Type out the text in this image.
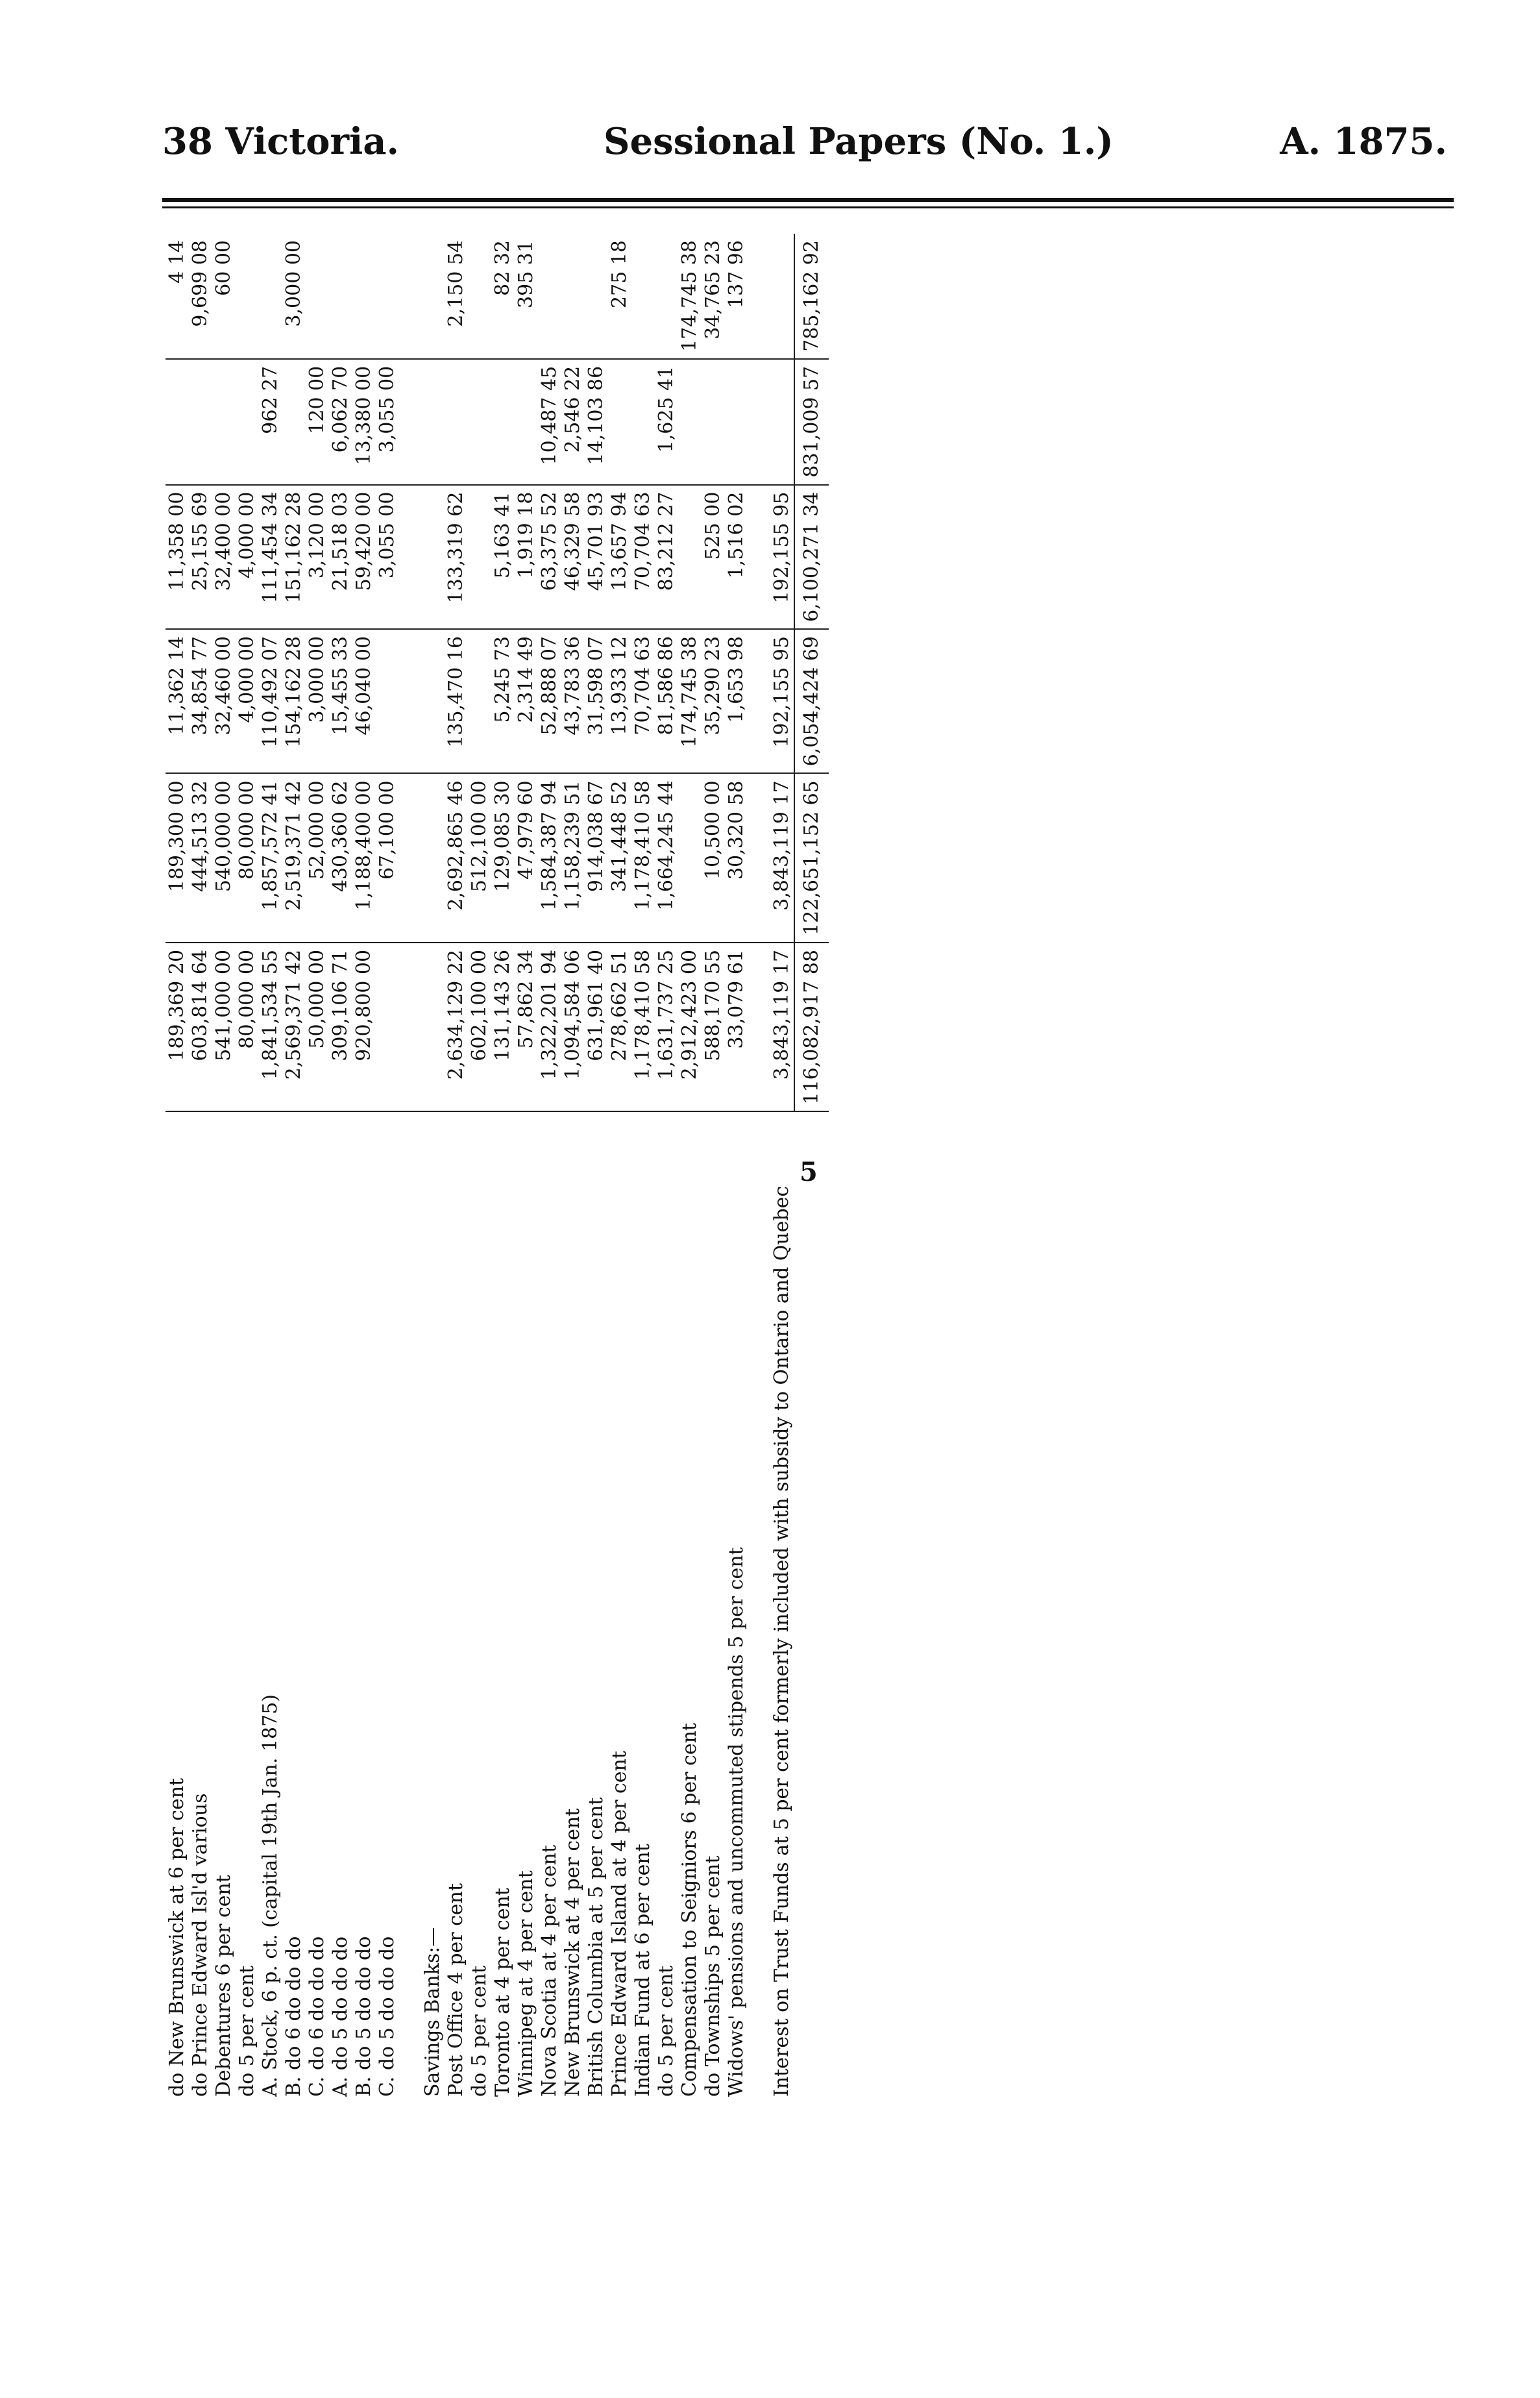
38 Victoria.	Sessional Papers (No. 1.)	A. 1875.
do New Brunswick at 6 per cent	189,369 20	189,300 00	11,362 14	11,358 00		4 14
do Prince Edward Isl'd various	603,814 64	444,513 32	34,854 77	25,155 69		9,699 08
Debentures 6 per cent	541,000 00	540,000 00	32,460 00	32,400 00		60 00
do 5 per cent	80,000 00	80,000 00	4,000 00	4,000 00		
A. Stock, 6 p. ct. (capital 19th Jan. 1875)	1,841,534 55	1,857,572 41	110,492 07	111,454 34	962 27	
B. do 6 do do do	2,569,371 42	2,519,371 42	154,162 28	151,162 28		3,000 00
C. do 6 do do do	50,000 00	52,000 00	3,000 00	3,120 00	120 00	
A. do 5 do do do	309,106 71	430,360 62	15,455 33	21,518 03	6,062 70	
B. do 5 do do do	920,800 00	1,188,400 00	46,040 00	59,420 00	13,380 00	
C. do 5 do do do		67,100 00		3,055 00	3,055 00	

Savings Banks:—						
Post Office 4 per cent	2,634,129 22	2,692,865 46	135,470 16	133,319 62		2,150 54
do 5 per cent	602,100 00	512,100 00				
Toronto at 4 per cent	131,143 26	129,085 30	5,245 73	5,163 41		82 32
Winnipeg at 4 per cent	57,862 34	47,979 60	2,314 49	1,919 18		395 31
Nova Scotia at 4 per cent	1,322,201 94	1,584,387 94	52,888 07	63,375 52	10,487 45	
New Brunswick at 4 per cent	1,094,584 06	1,158,239 51	43,783 36	46,329 58	2,546 22	
British Columbia at 5 per cent	631,961 40	914,038 67	31,598 07	45,701 93	14,103 86	
Prince Edward Island at 4 per cent	278,662 51	341,448 52	13,933 12	13,657 94		275 18
Indian Fund at 6 per cent	1,178,410 58	1,178,410 58	70,704 63	70,704 63		
do 5 per cent	1,631,737 25	1,664,245 44	81,586 86	83,212 27	1,625 41	
Compensation to Seigniors 6 per cent	2,912,423 00		174,745 38			174,745 38
do Townships 5 per cent	588,170 55	10,500 00	35,290 23	525 00		34,765 23
Widows' pensions and uncommuted stipends 5 per cent	33,079 61	30,320 58	1,653 98	1,516 02		137 96

Interest on Trust Funds at 5 per cent formerly included with subsidy to Ontario and Quebec	3,843,119 17	3,843,119 17	192,155 95	192,155 95		
	116,082,917 88	122,651,152 65	6,054,424 69	6,100,271 34	831,009 57	785,162 92
5
